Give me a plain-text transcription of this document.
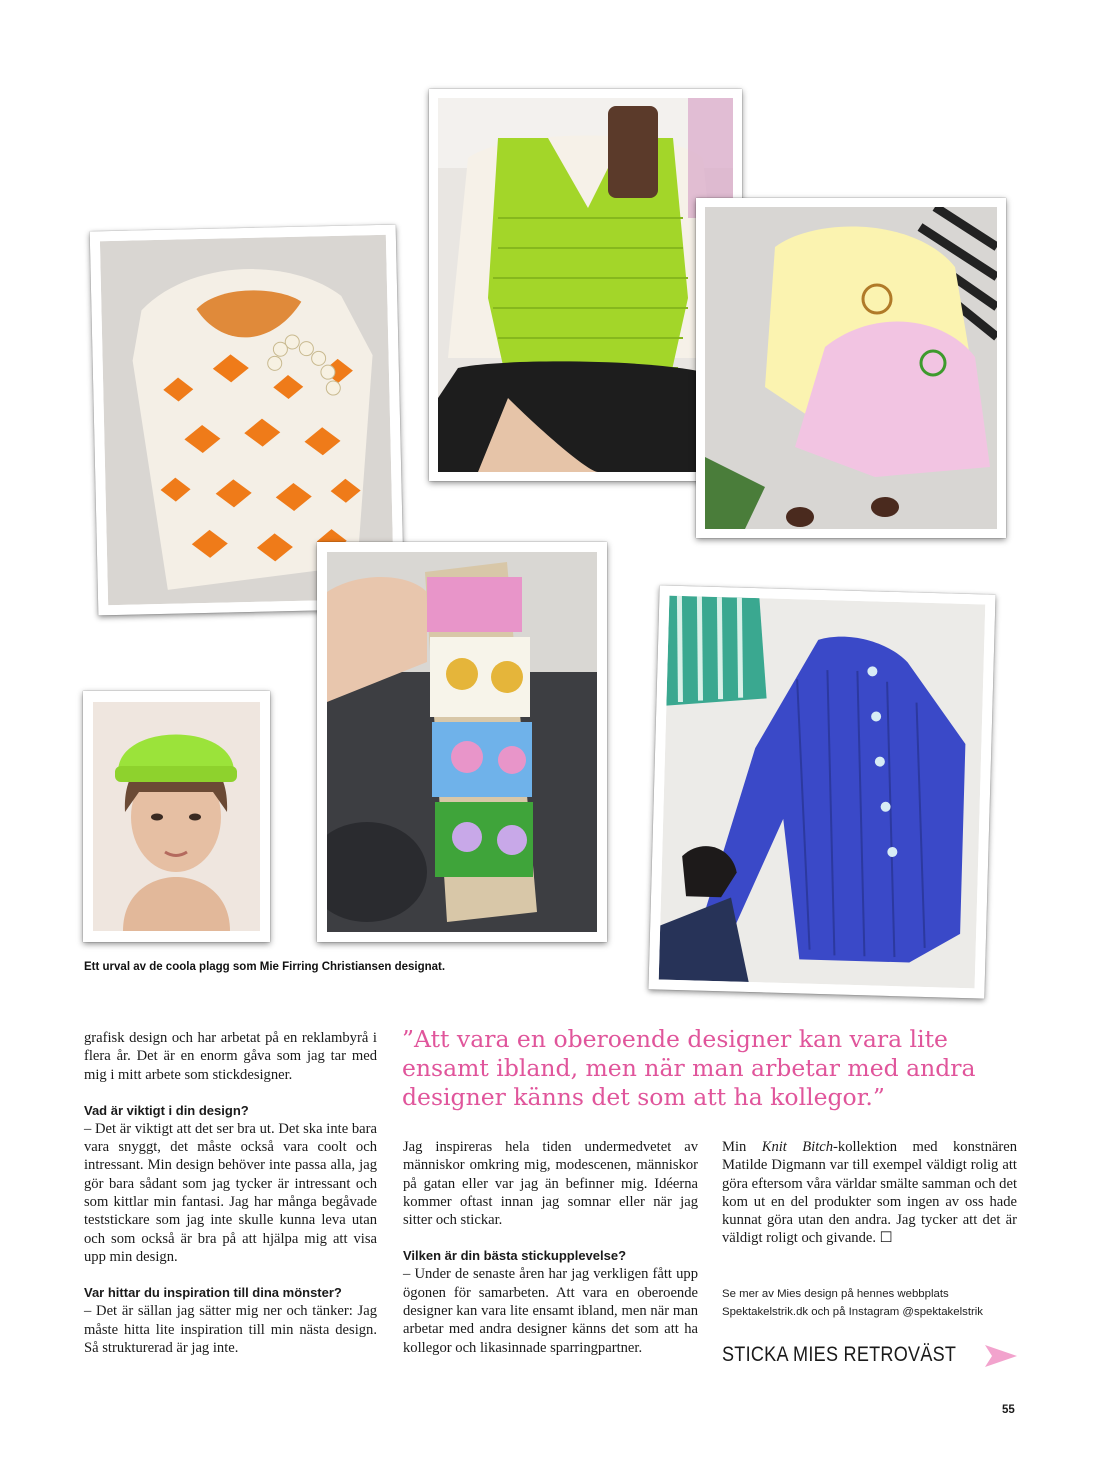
Ett urval av de coola plagg som Mie Firring Christiansen designat.

grafisk design och har arbetat på en reklambyrå i flera år. Det är en enorm gåva som jag tar med mig i mitt arbete som stickdesigner.

Vad är viktigt i din design?

– Det är viktigt att det ser bra ut. Det ska inte bara vara snyggt, det måste också vara coolt och intressant. Min design behöver inte passa alla, jag gör bara sådant som jag tycker är intressant och som kittlar min fantasi. Jag har många begåvade teststickare som jag inte skulle kunna leva utan och som också är bra på att hjälpa mig att visa upp min design.

Var hittar du inspiration till dina mönster?

– Det är sällan jag sätter mig ner och tänker: Jag måste hitta lite inspiration till min nästa design. Så strukturerad är jag inte.

”Att vara en oberoende designer kan vara lite ensamt ibland, men när man arbetar med andra designer känns det som att ha kollegor.”

Jag inspireras hela tiden undermedvetet av människor omkring mig, modescenen, människor på gatan eller var jag än befinner mig. Idéerna kommer oftast innan jag somnar eller när jag sitter och stickar.

Vilken är din bästa stickupplevelse?

– Under de senaste åren har jag verkligen fått upp ögonen för samarbeten. Att vara en oberoende designer kan vara lite ensamt ibland, men när man arbetar med andra designer känns det som att ha kollegor och likasinnade sparringpartner.

Min Knit Bitch-kollektion med konstnären Matilde Digmann var till exempel väldigt rolig att göra eftersom våra världar smälte samman och det kom ut en del produkter som ingen av oss hade kunnat göra utan den andra. Jag tycker att det är väldigt roligt och givande. ☐

Se mer av Mies design på hennes webbplats
Spektakelstrik.dk och på Instagram @spektakelstrik
STICKA MIES RETROVÄST
55
